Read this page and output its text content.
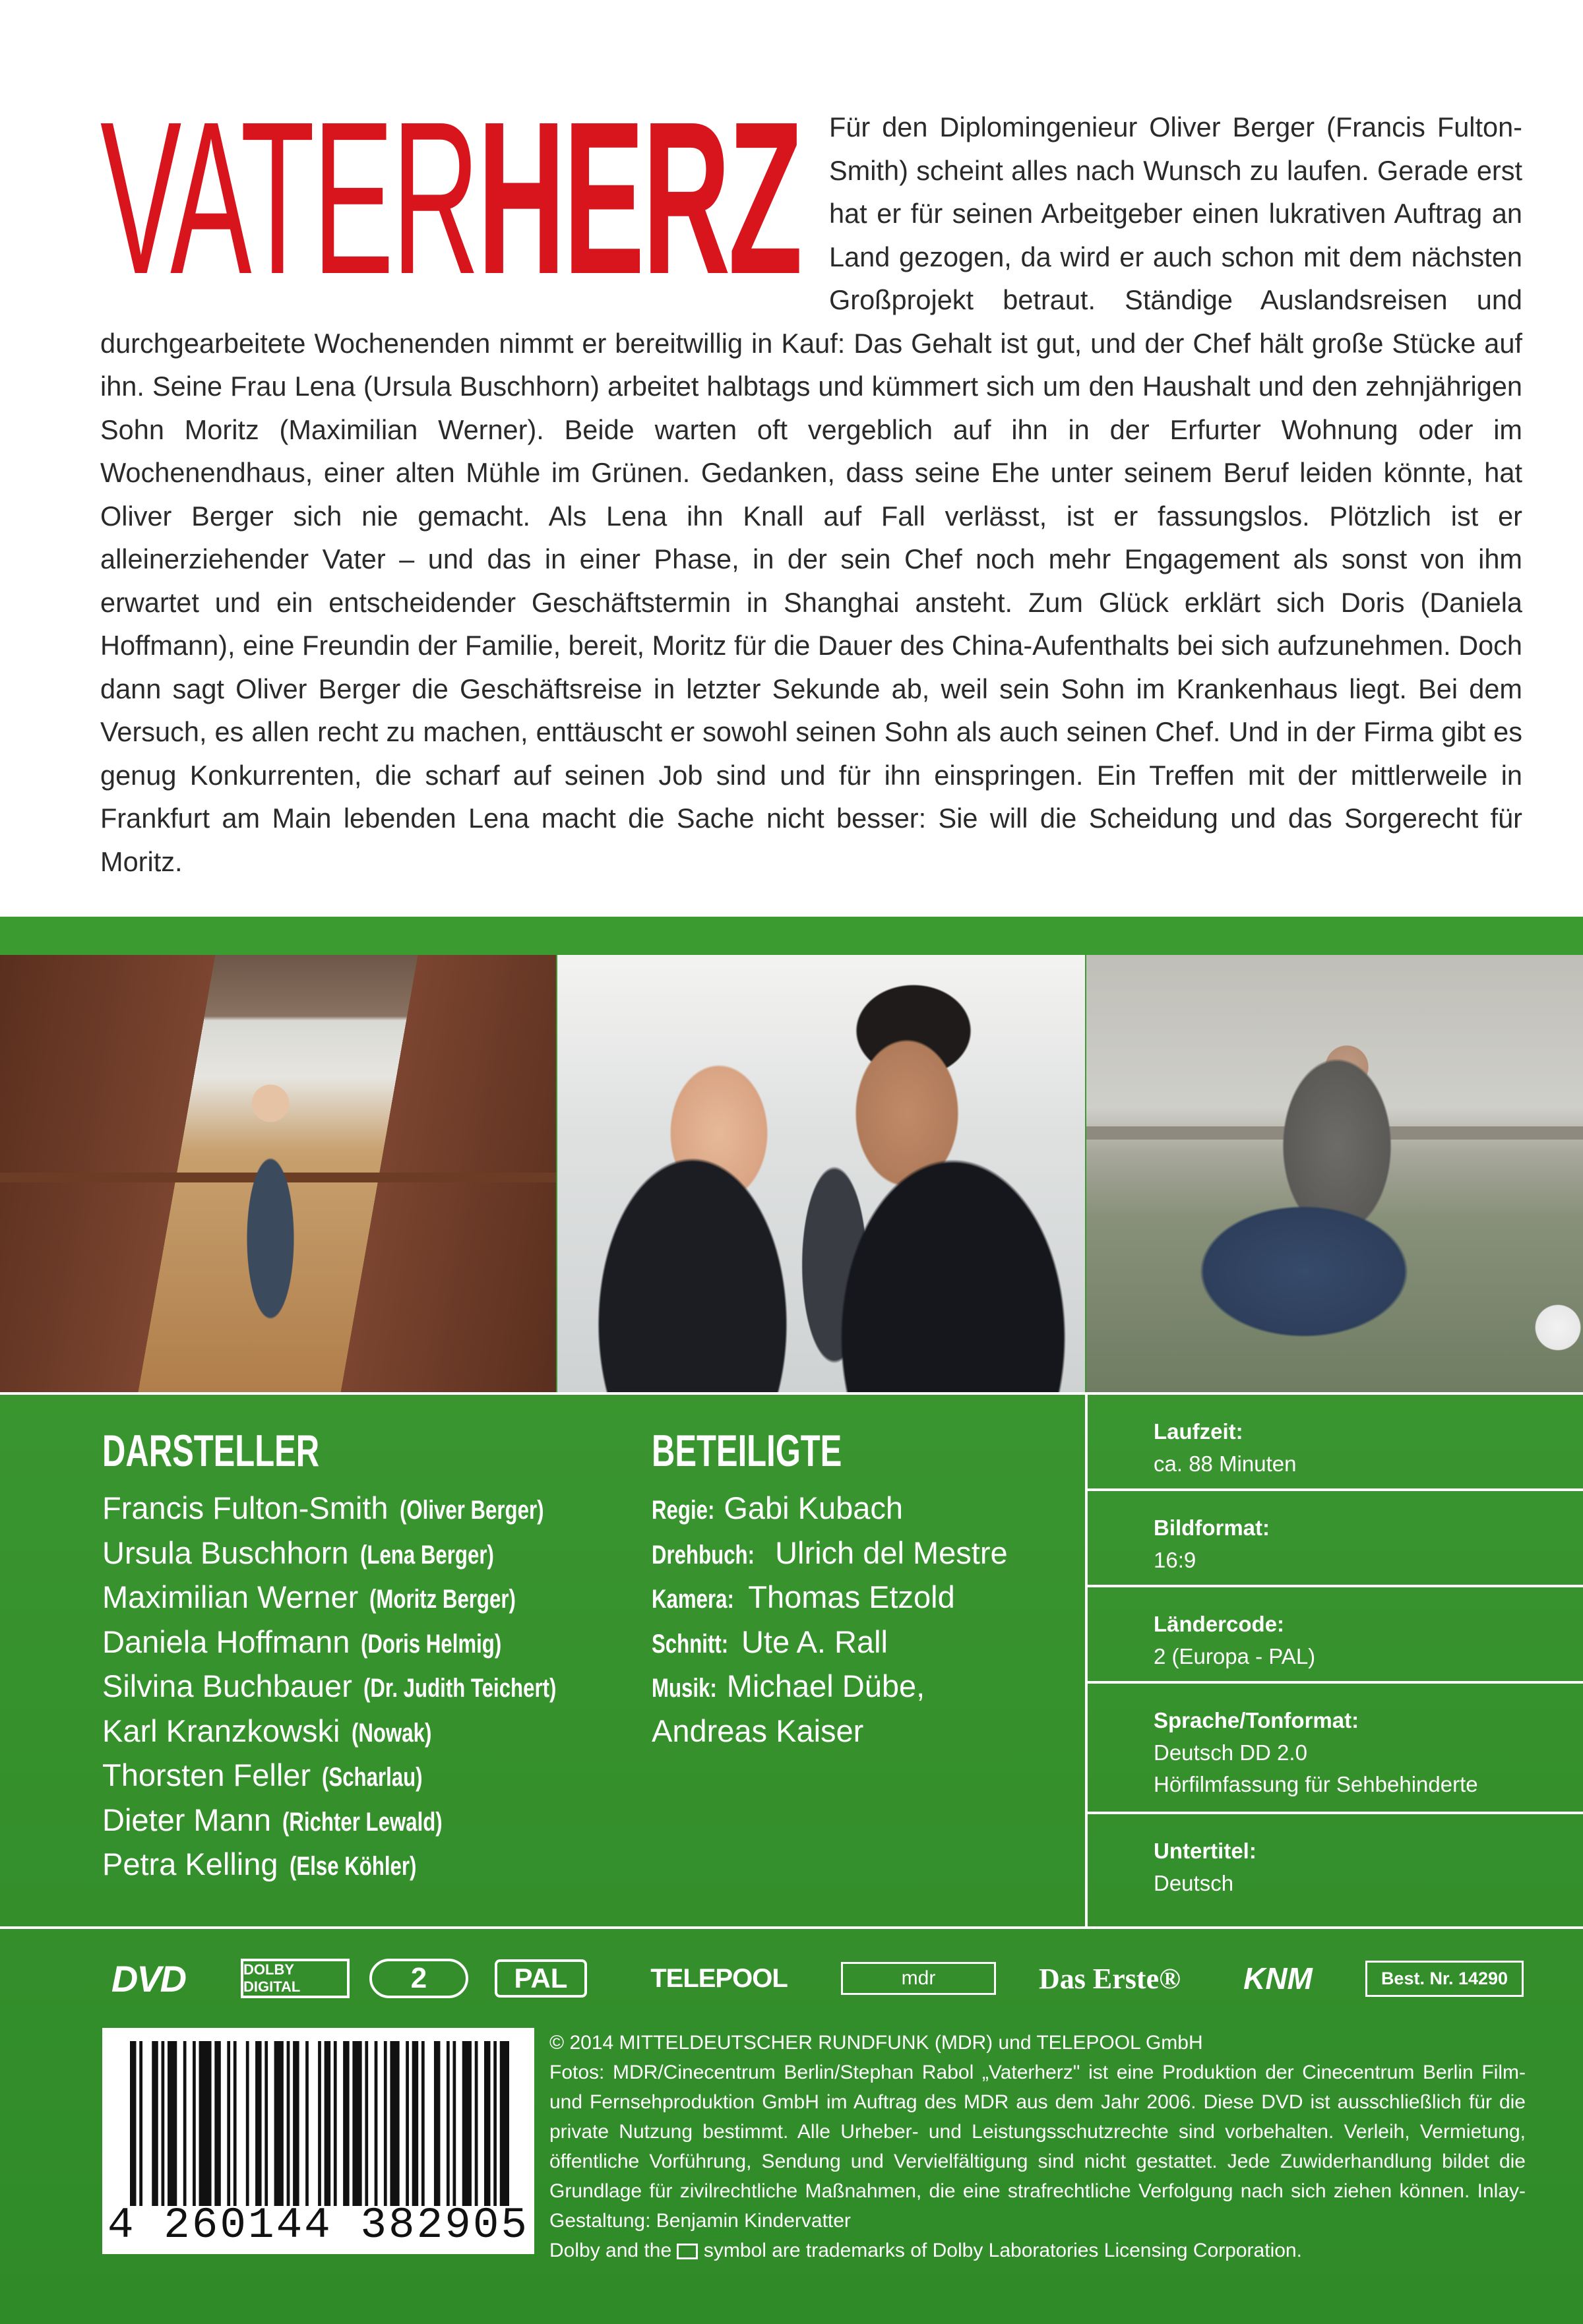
VATERHERZ	Für den Diplomingenieur Oliver Berger (Francis Fulton-Smith) scheint alles nach Wunsch zu laufen. Gerade erst hat er für seinen Arbeitgeber einen lukrativen Auftrag an Land gezogen, da wird er auch schon mit dem nächsten Großprojekt betraut. Ständige Auslandsreisen und durchgearbeitete Wochenenden nimmt er bereitwillig in Kauf: Das Gehalt ist gut, und der Chef hält große Stücke auf ihn. Seine Frau Lena (Ursula Buschhorn) arbeitet halbtags und kümmert sich um den Haushalt und den zehnjährigen Sohn Moritz (Maximilian Werner). Beide warten oft vergeblich auf ihn in der Erfurter Wohnung oder im Wochenendhaus, einer alten Mühle im Grünen. Gedanken, dass seine Ehe unter seinem Beruf leiden könnte, hat Oliver Berger sich nie gemacht. Als Lena ihn Knall auf Fall verlässt, ist er fassungslos. Plötzlich ist er alleinerziehender Vater – und das in einer Phase, in der sein Chef noch mehr Engagement als sonst von ihm erwartet und ein entscheidender Geschäftstermin in Shanghai ansteht. Zum Glück erklärt sich Doris (Daniela Hoffmann), eine Freundin der Familie, bereit, Moritz für die Dauer des China-Aufenthalts bei sich aufzunehmen. Doch dann sagt Oliver Berger die Geschäftsreise in letzter Sekunde ab, weil sein Sohn im Krankenhaus liegt. Bei dem Versuch, es allen recht zu machen, enttäuscht er sowohl seinen Sohn als auch seinen Chef. Und in der Firma gibt es genug Konkurrenten, die scharf auf seinen Job sind und für ihn einspringen. Ein Treffen mit der mittlerweile in Frankfurt am Main lebenden Lena macht die Sache nicht besser: Sie will die Scheidung und das Sorgerecht für Moritz.
DARSTELLER
Francis Fulton-Smith (Oliver Berger)
Ursula Buschhorn (Lena Berger)
Maximilian Werner (Moritz Berger)
Daniela Hoffmann (Doris Helmig)
Silvina Buchbauer (Dr. Judith Teichert)
Karl Kranzkowski (Nowak)
Thorsten Feller (Scharlau)
Dieter Mann (Richter Lewald)
Petra Kelling (Else Köhler)
BETEILIGTE
Regie: Gabi Kubach
Drehbuch: Ulrich del Mestre
Kamera: Thomas Etzold
Schnitt: Ute A. Rall
Musik: Michael Dübe,
Andreas Kaiser
Laufzeit:
ca. 88 Minuten
Bildformat:
16:9
Ländercode:
2 (Europa - PAL)
Sprache/Tonformat:
Deutsch DD 2.0
Hörfilmfassung für Sehbehinderte
Untertitel:
Deutsch
DVD	DOLBY DIGITAL	2	PAL	TELEPOOL	mdr	Das Erste®	KNM	Best. Nr. 14290
4 260144 382905

© 2014 MITTELDEUTSCHER RUNDFUNK (MDR) und TELEPOOL GmbH

Fotos: MDR/Cinecentrum Berlin/Stephan Rabol „Vaterherz" ist eine Produktion der Cinecentrum Berlin Film- und Fernsehproduktion GmbH im Auftrag des MDR aus dem Jahr 2006. Diese DVD ist ausschließlich für die private Nutzung bestimmt. Alle Urheber- und Leistungsschutzrechte sind vorbehalten. Verleih, Vermietung, öffentliche Vorführung, Sendung und Vervielfältigung sind nicht gestattet. Jede Zuwiderhandlung bildet die Grundlage für zivilrechtliche Maßnahmen, die eine strafrechtliche Verfolgung nach sich ziehen können. Inlay-Gestaltung: Benjamin Kindervatter

Dolby and the symbol are trademarks of Dolby Laboratories Licensing Corporation.
